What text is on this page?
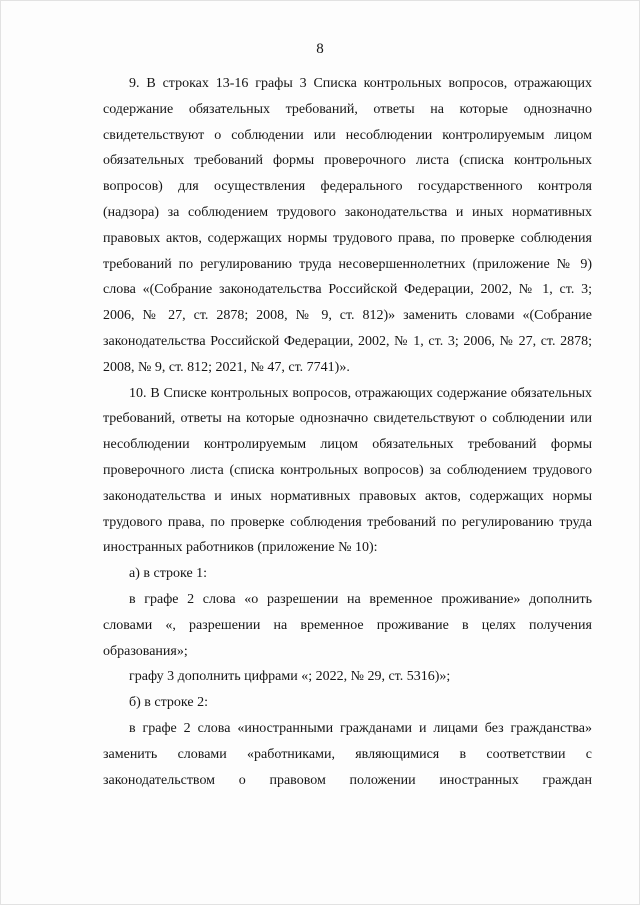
8

9. В строках 13-16 графы 3 Списка контрольных вопросов, отражающих содержание обязательных требований, ответы на которые однозначно свидетельствуют о соблюдении или несоблюдении контролируемым лицом обязательных требований формы проверочного листа (списка контрольных вопросов) для осуществления федерального государственного контроля (надзора) за соблюдением трудового законодательства и иных нормативных правовых актов, содержащих нормы трудового права, по проверке соблюдения требований по регулированию труда несовершеннолетних (приложение № 9) слова «(Собрание законодательства Российской Федерации, 2002, № 1, ст. 3; 2006, № 27, ст. 2878; 2008, № 9, ст. 812)» заменить словами «(Собрание законодательства Российской Федерации, 2002, № 1, ст. 3; 2006, № 27, ст. 2878; 2008, № 9, ст. 812; 2021, № 47, ст. 7741)».

10. В Списке контрольных вопросов, отражающих содержание обязательных требований, ответы на которые однозначно свидетельствуют о соблюдении или несоблюдении контролируемым лицом обязательных требований формы проверочного листа (списка контрольных вопросов) за соблюдением трудового законодательства и иных нормативных правовых актов, содержащих нормы трудового права, по проверке соблюдения требований по регулированию труда иностранных работников (приложение № 10):

а) в строке 1:

в графе 2 слова «о разрешении на временное проживание» дополнить словами «, разрешении на временное проживание в целях получения образования»;

графу 3 дополнить цифрами «; 2022, № 29, ст. 5316)»;

б) в строке 2:

в графе 2 слова «иностранными гражданами и лицами без гражданства» заменить словами «работниками, являющимися в соответствии с законодательством о правовом положении иностранных граждан
